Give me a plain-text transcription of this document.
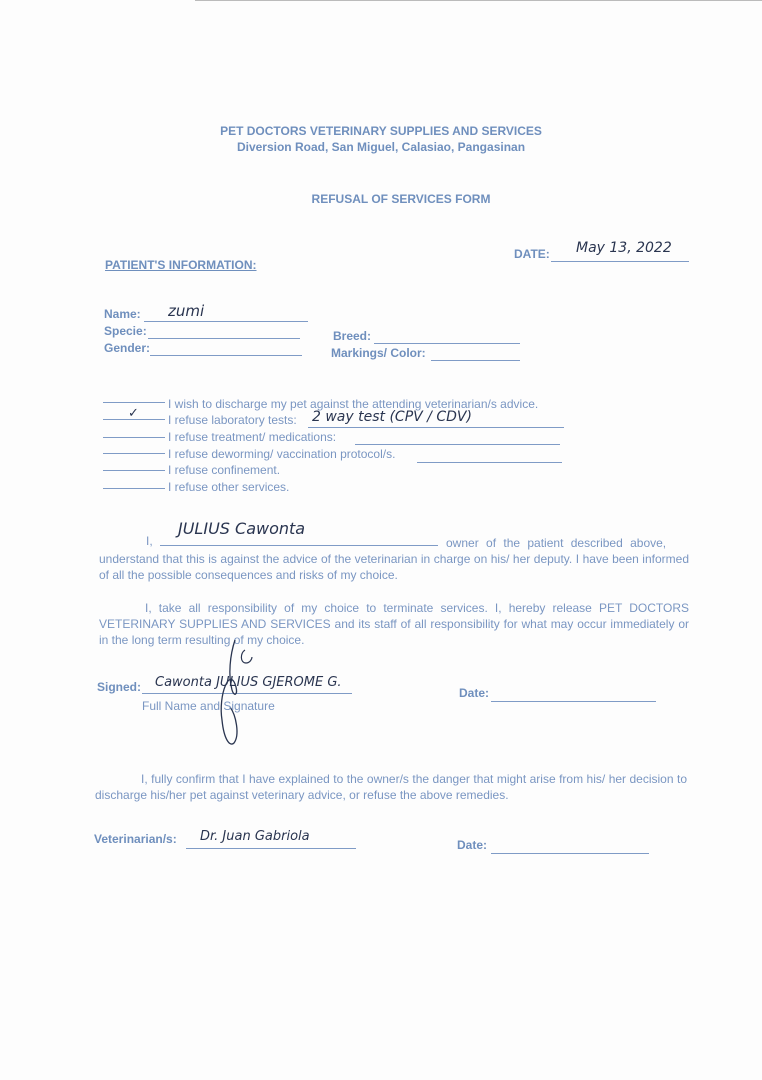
PET DOCTORS VETERINARY SUPPLIES AND SERVICES
Diversion Road, San Miguel, Calasiao, Pangasinan
REFUSAL OF SERVICES FORM
DATE: May 13, 2022
PATIENT'S INFORMATION:
Name: zumi
Specie:
Gender:
Breed:
Markings/ Color:
I wish to discharge my pet against the attending veterinarian/s advice.
✓ I refuse laboratory tests: 2 way test (CPV / CDV)
I refuse treatment/ medications:
I refuse deworming/ vaccination protocol/s.
I refuse confinement.
I refuse other services.
I,
JULIUS Cawonta
owner of the patient described above,
understand that this is against the advice of the veterinarian in charge on his/ her deputy. I have been informed of all the possible consequences and risks of my choice.
I, take all responsibility of my choice to terminate services. I, hereby release PET DOCTORS VETERINARY SUPPLIES AND SERVICES and its staff of all responsibility for what may occur immediately or in the long term resulting of my choice.
Signed: Cawonta JULIUS GJEROME G.
Full Name and Signature
Date:
I, fully confirm that I have explained to the owner/s the danger that might arise from his/ her decision to discharge his/her pet against veterinary advice, or refuse the above remedies.
Veterinarian/s: Dr. Juan Gabriola
Date:
